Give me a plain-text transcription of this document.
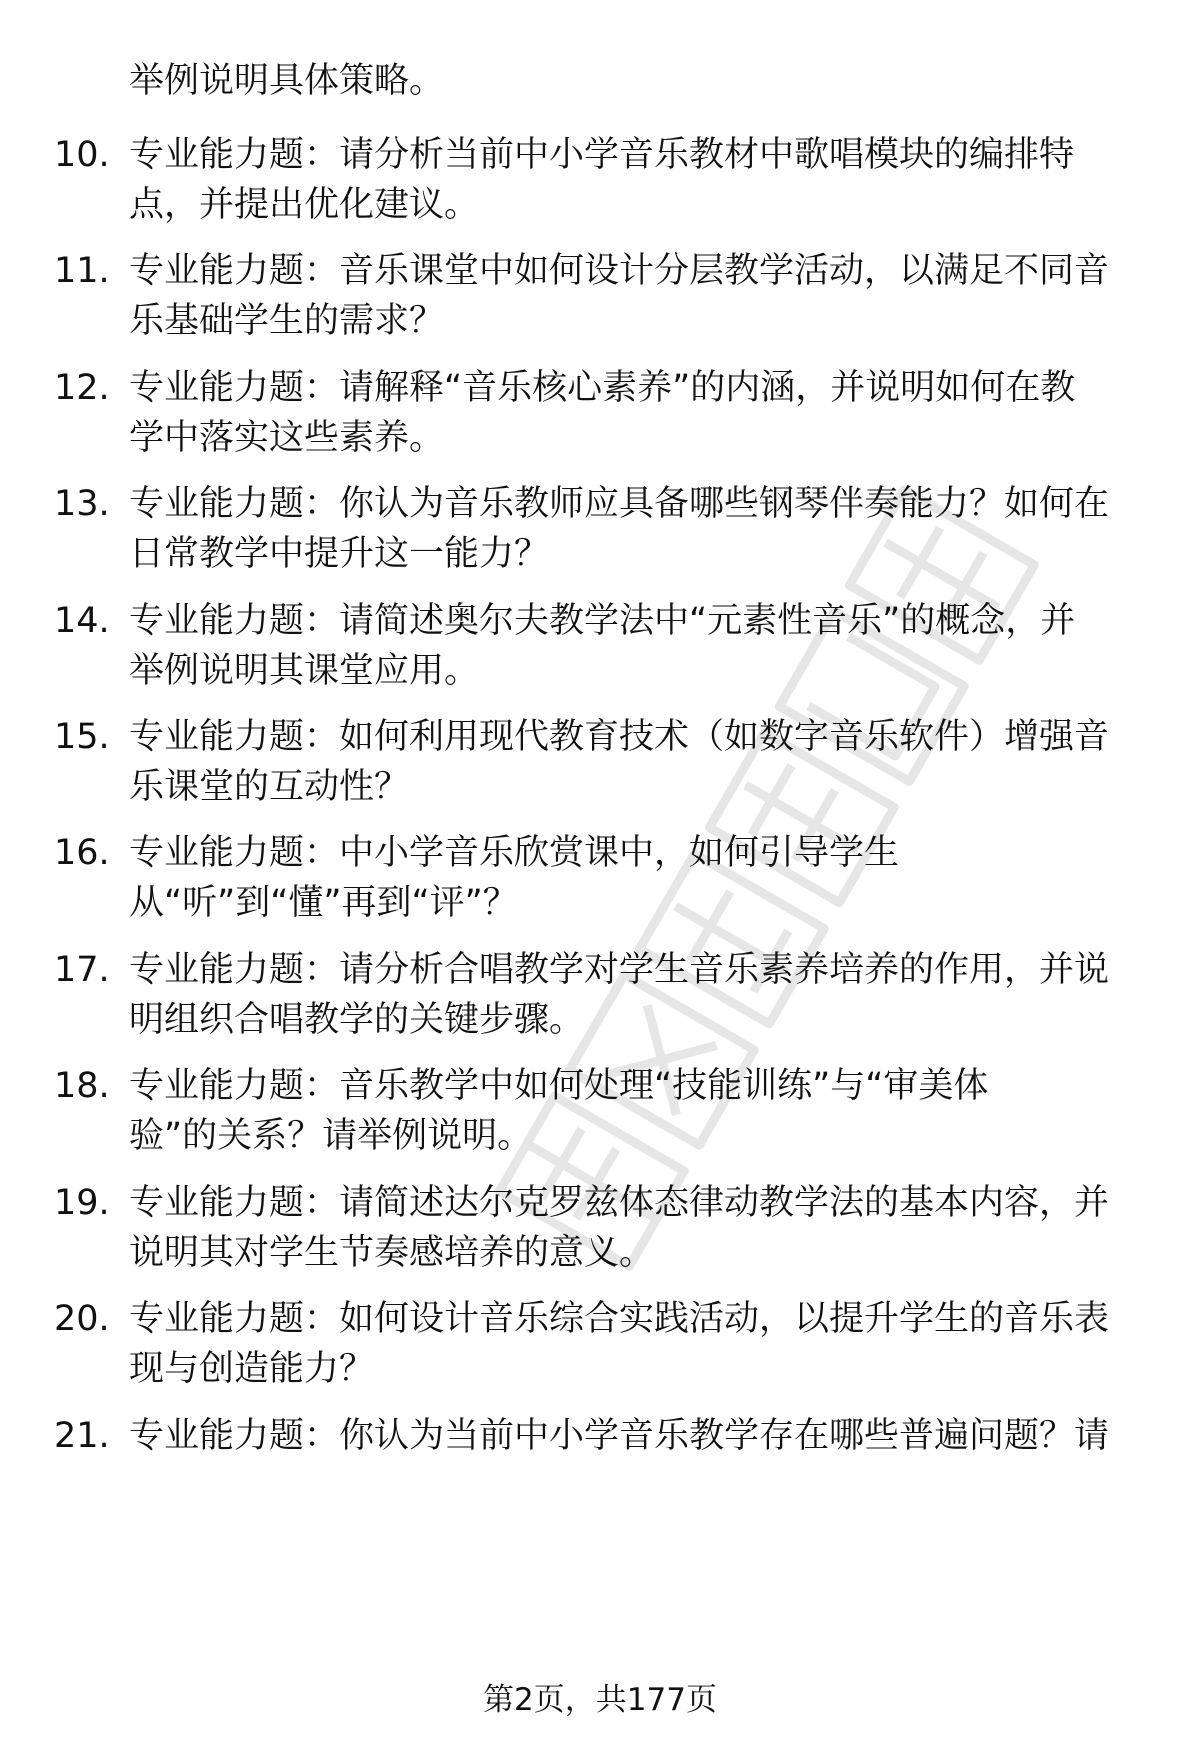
举例说明具体策略。
10. 专业能力题：请分析当前中小学音乐教材中歌唱模块的编排特
点，并提出优化建议。
11. 专业能力题：音乐课堂中如何设计分层教学活动，以满足不同音
乐基础学生的需求？
12. 专业能力题：请解释“音乐核心素养”的内涵，并说明如何在教
学中落实这些素养。
13. 专业能力题：你认为音乐教师应具备哪些钢琴伴奏能力？如何在
日常教学中提升这一能力？
14. 专业能力题：请简述奥尔夫教学法中“元素性音乐”的概念，并
举例说明其课堂应用。
15. 专业能力题：如何利用现代教育技术（如数字音乐软件）增强音
乐课堂的互动性？
16. 专业能力题：中小学音乐欣赏课中，如何引导学生
从“听”到“懂”再到“评”？
17. 专业能力题：请分析合唱教学对学生音乐素养培养的作用，并说
明组织合唱教学的关键步骤。
18. 专业能力题：音乐教学中如何处理“技能训练”与“审美体
验”的关系？请举例说明。
19. 专业能力题：请简述达尔克罗兹体态律动教学法的基本内容，并
说明其对学生节奏感培养的意义。
20. 专业能力题：如何设计音乐综合实践活动，以提升学生的音乐表
现与创造能力？
21. 专业能力题：你认为当前中小学音乐教学存在哪些普遍问题？请
第2页，共177页
